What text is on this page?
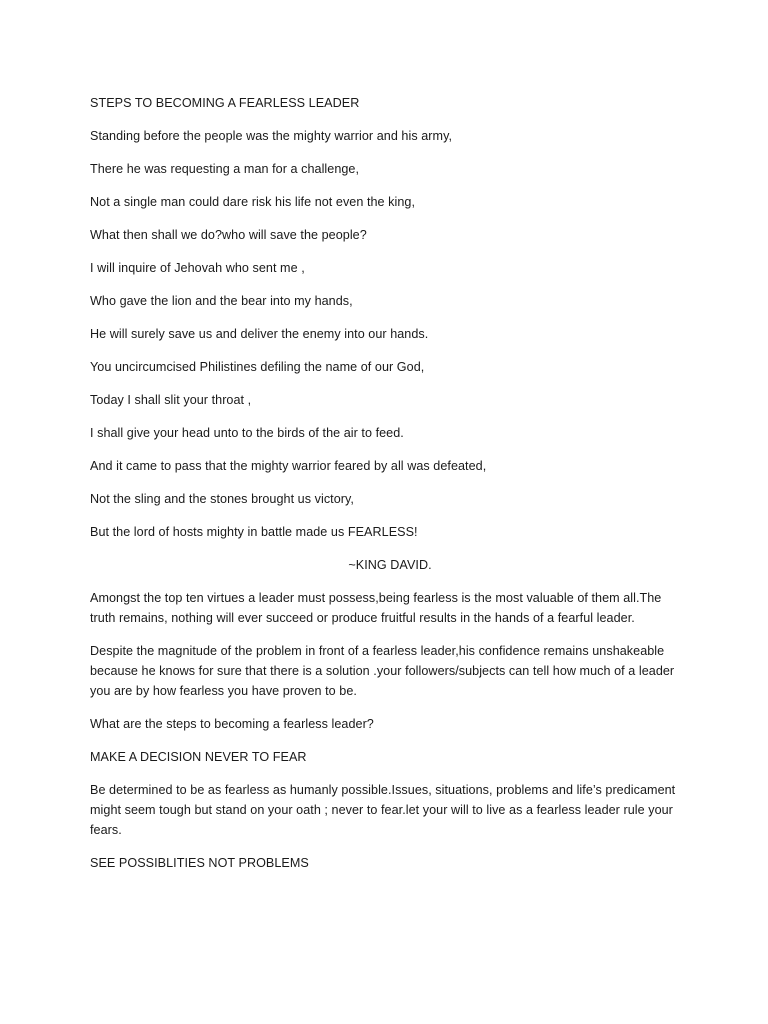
STEPS TO BECOMING A FEARLESS LEADER
Standing before the people was the mighty warrior and his army,
There he was requesting a man for a challenge,
Not a single man could dare risk his life not even the king,
What then shall we do?who will save the people?
I will inquire of Jehovah who sent me ,
Who gave the lion and the bear into my hands,
He will surely save us and deliver the enemy into our hands.
You uncircumcised Philistines defiling the name of our God,
Today I shall slit your throat ,
I shall give your head unto to the birds of the air to feed.
And it came to pass that the mighty warrior feared by all was defeated,
Not the sling and the stones brought us victory,
But the lord of hosts mighty in battle made us FEARLESS!
~KING DAVID.
Amongst the top ten virtues a leader must possess,being fearless is the most valuable of them all.The truth remains, nothing will ever succeed or produce fruitful results in the hands of a fearful leader.
Despite the magnitude of the problem in front of a fearless leader,his confidence remains unshakeable because he knows for sure that there is a solution .your followers/subjects can tell how much of a leader you are by how fearless you have proven to be.
What are the steps to becoming a fearless leader?
MAKE A DECISION NEVER TO FEAR
Be determined to be as fearless as humanly possible.Issues, situations, problems and life’s predicament might seem tough but stand on your oath ; never to fear.let your will to live as a fearless leader rule your fears.
SEE POSSIBLITIES NOT PROBLEMS
